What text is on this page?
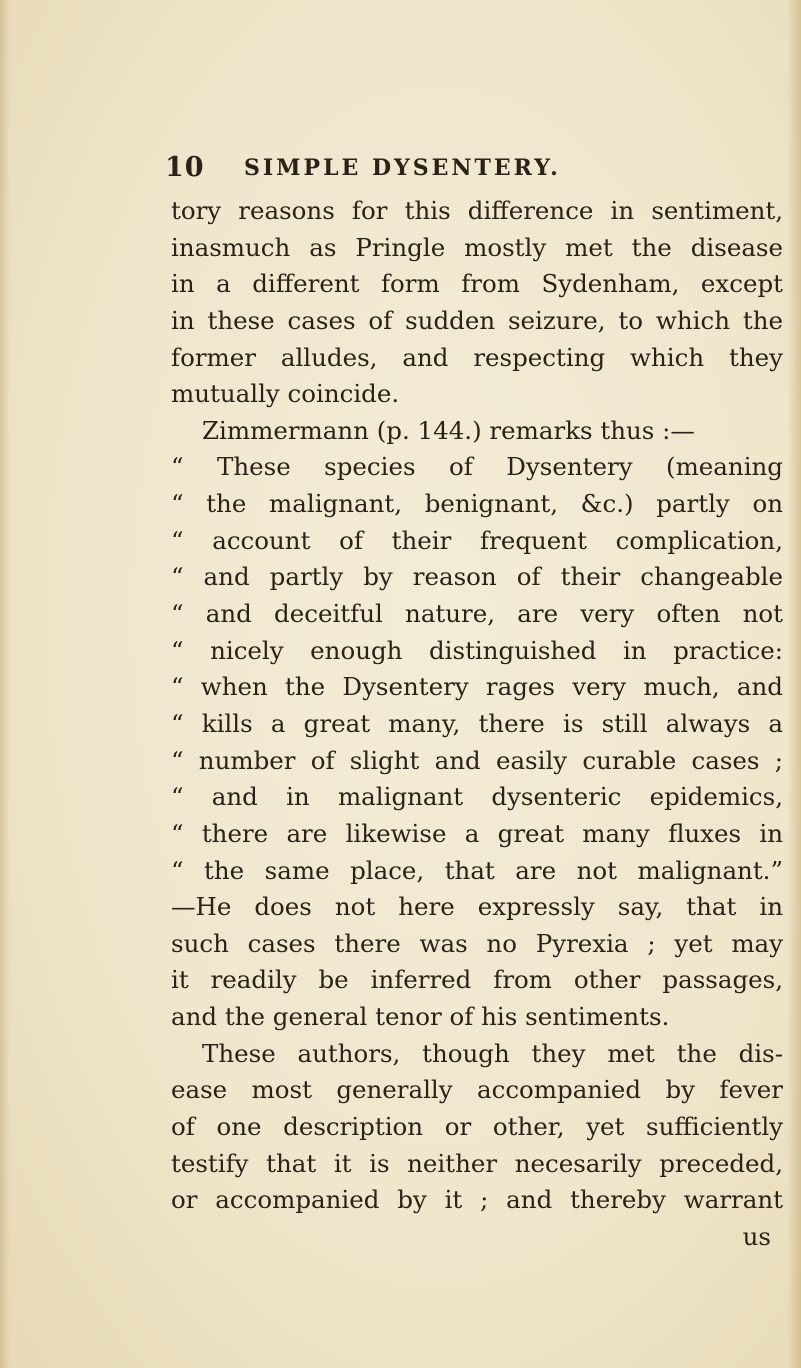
10 SIMPLE DYSENTERY.
tory reasons for this difference in sentiment,
inasmuch as Pringle mostly met the disease
in a different form from Sydenham, except
in these cases of sudden seizure, to which the
former alludes, and respecting which they
mutually coincide.
Zimmermann (p. 144.) remarks thus :—
“ These species of Dysentery (meaning
“ the malignant, benignant, &c.) partly on
“ account of their frequent complication,
“ and partly by reason of their changeable
“ and deceitful nature, are very often not
“ nicely enough distinguished in practice:
“ when the Dysentery rages very much, and
“ kills a great many, there is still always a
“ number of slight and easily curable cases ;
“ and in malignant dysenteric epidemics,
“ there are likewise a great many fluxes in
“ the same place, that are not malignant.”
—He does not here expressly say, that in
such cases there was no Pyrexia ; yet may
it readily be inferred from other passages,
and the general tenor of his sentiments.
These authors, though they met the dis-
ease most generally accompanied by fever
of one description or other, yet sufficiently
testify that it is neither necesarily preceded,
or accompanied by it ; and thereby warrant
us
